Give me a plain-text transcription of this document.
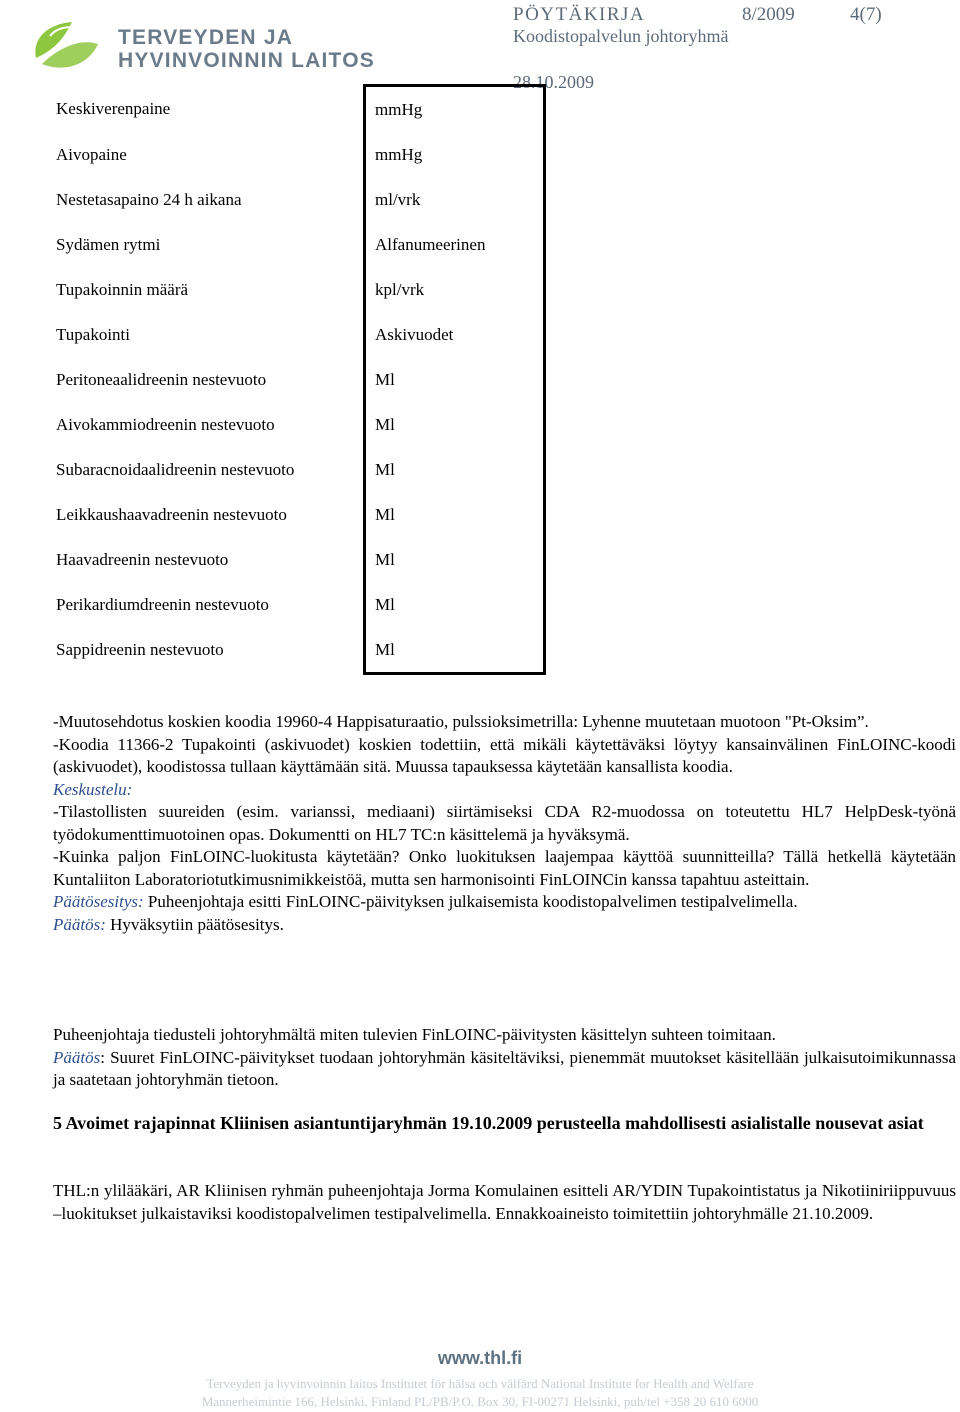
TERVEYDEN JA
HYVINVOINNIN LAITOS
PÖYTÄKIRJA	8/2009	4(7)
Koodistopalvelun johtoryhmä
28.10.2009
Keskiverenpaine	mmHg
Aivopaine	mmHg
Nestetasapaino 24 h aikana	ml/vrk
Sydämen rytmi	Alfanumeerinen
Tupakoinnin määrä	kpl/vrk
Tupakointi	Askivuodet
Peritoneaalidreenin nestevuoto	Ml
Aivokammiodreenin nestevuoto	Ml
Subaracnoidaalidreenin nestevuoto	Ml
Leikkaushaavadreenin nestevuoto	Ml
Haavadreenin nestevuoto	Ml
Perikardiumdreenin nestevuoto	Ml
Sappidreenin nestevuoto	Ml

-Muutosehdotus koskien koodia 19960-4 Happisaturaatio, pulssioksimetrilla: Lyhenne muutetaan muotoon "Pt-Oksim”.

-Koodia 11366-2 Tupakointi (askivuodet) koskien todettiin, että mikäli käytettäväksi löytyy kansainvälinen FinLOINC-koodi (askivuodet), koodistossa tullaan käyttämään sitä. Muussa tapauksessa käytetään kansallista koodia.

Keskustelu:

-Tilastollisten suureiden (esim. varianssi, mediaani) siirtämiseksi CDA R2-muodossa on toteutettu HL7 HelpDesk-työnä työdokumenttimuotoinen opas. Dokumentti on HL7 TC:n käsittelemä ja hyväksymä.

-Kuinka paljon FinLOINC-luokitusta käytetään? Onko luokituksen laajempaa käyttöä suunnitteilla? Tällä hetkellä käytetään Kuntaliiton Laboratoriotutkimusnimikkeistöä, mutta sen harmonisointi FinLOINCin kanssa tapahtuu asteittain.

Päätösesitys: Puheenjohtaja esitti FinLOINC-päivityksen julkaisemista koodistopalvelimen testipalvelimella.

Päätös: Hyväksytiin päätösesitys.

Puheenjohtaja tiedusteli johtoryhmältä miten tulevien FinLOINC-päivitysten käsittelyn suhteen toimitaan.

Päätös: Suuret FinLOINC-päivitykset tuodaan johtoryhmän käsiteltäviksi, pienemmät muutokset käsitellään julkaisutoimikunnassa ja saatetaan johtoryhmän tietoon.

5 Avoimet rajapinnat Kliinisen asiantuntijaryhmän 19.10.2009 perusteella mahdollisesti asialistalle nousevat asiat

THL:n ylilääkäri, AR Kliinisen ryhmän puheenjohtaja Jorma Komulainen esitteli AR/YDIN Tupakointistatus ja Nikotiiniriippuvuus –luokitukset julkaistaviksi koodistopalvelimen testipalvelimella. Ennakkoaineisto toimitettiin johtoryhmälle 21.10.2009.

www.thl.fi
Terveyden ja hyvinvoinnin laitos Institutet för hälsa och välfärd National Institute for Health and Welfare
Mannerheimintie 166, Helsinki, Finland PL/PB/P.O. Box 30, FI-00271 Helsinki, puh/tel +358 20 610 6000
